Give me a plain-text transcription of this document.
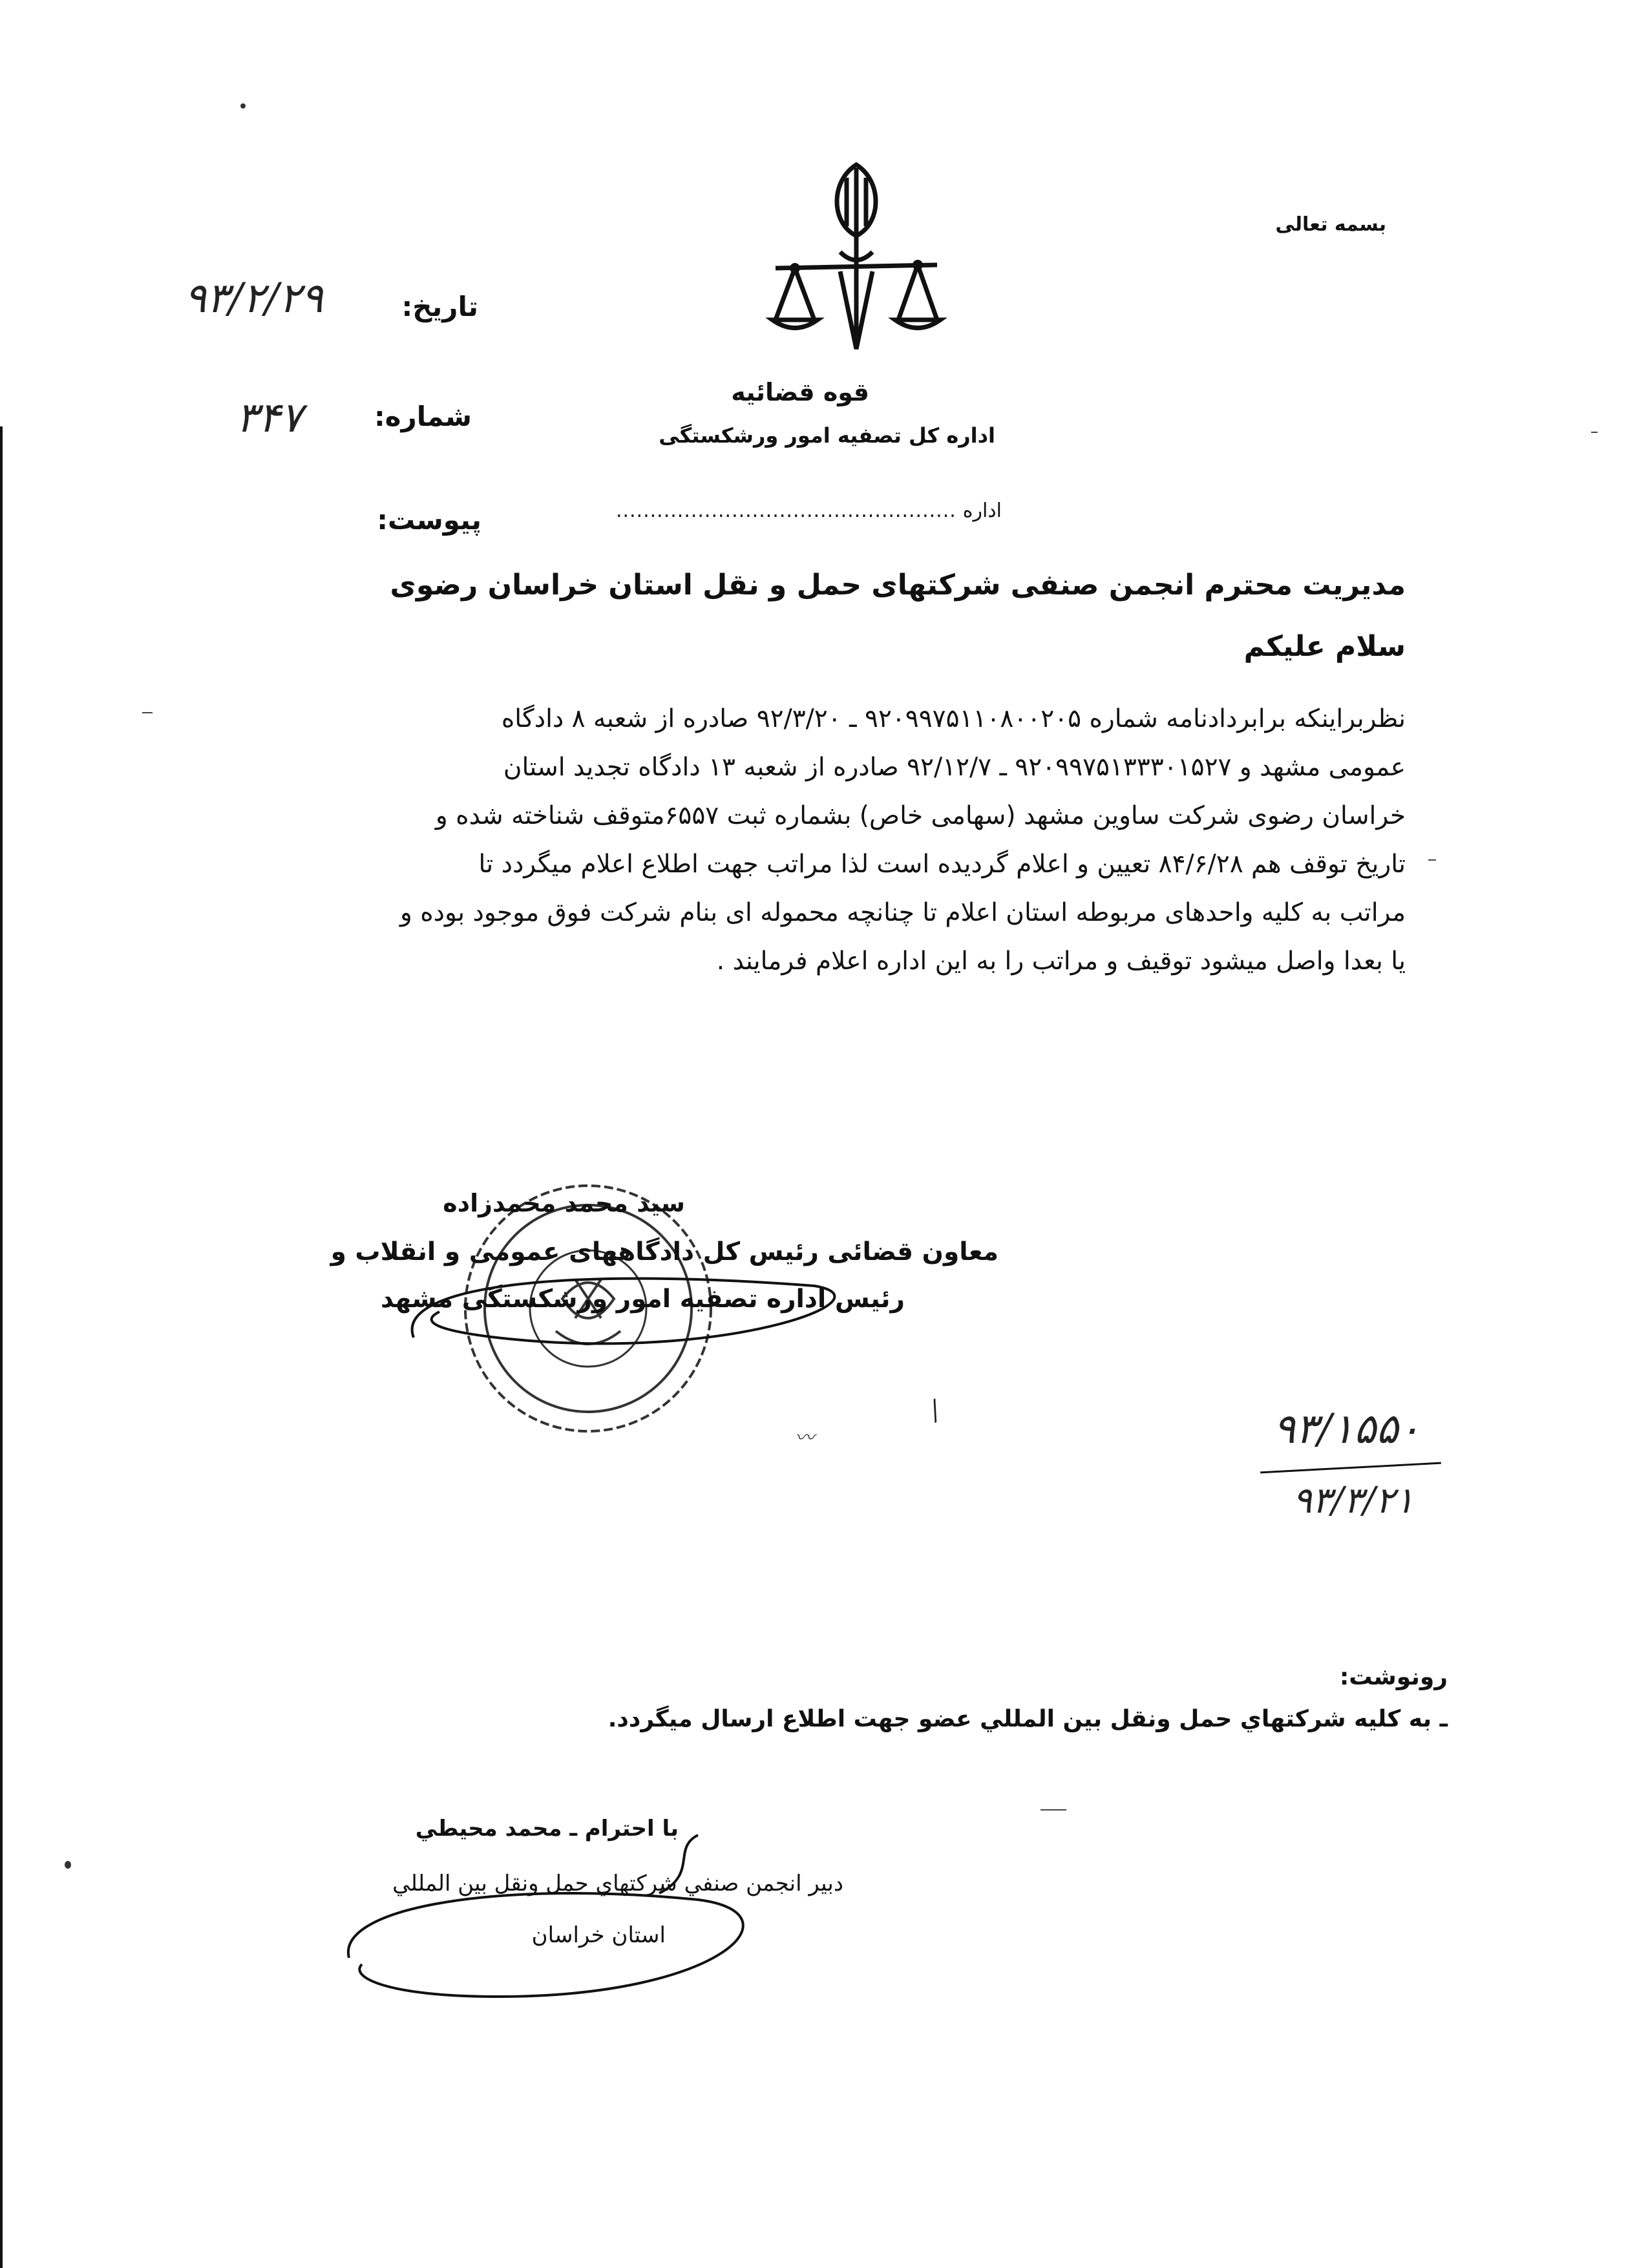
بسمه تعالی
قوه قضائیه
اداره کل تصفیه امور ورشکستگی
اداره
..................................................
تاریخ:
۹۳/۲/۲۹
شماره:
۳۴۷
پیوست:
مدیریت محترم انجمن صنفی شرکتهای حمل و نقل استان خراسان رضوی
سلام علیکم
نظربراینکه برابردادنامه شماره ۹۲۰۹۹۷۵۱۱۰۸۰۰۲۰۵ ـ ۹۲/۳/۲۰ صادره از شعبه ۸ دادگاه
عمومی مشهد و ۹۲۰۹۹۷۵۱۳۳۳۰۱۵۲۷ ـ ۹۲/۱۲/۷ صادره از شعبه ۱۳ دادگاه تجدید استان
خراسان رضوی شرکت ساوین مشهد (سهامی خاص) بشماره ثبت ۶۵۵۷متوقف شناخته شده و
تاریخ توقف هم ۸۴/۶/۲۸ تعیین و اعلام گردیده است لذا مراتب جهت اطلاع اعلام میگردد تا
مراتب به کلیه واحدهای مربوطه استان اعلام تا چنانچه محموله ای بنام شرکت فوق موجود بوده و
یا بعدا واصل میشود توقیف و مراتب را به این اداره اعلام فرمایند .
سید محمد محمدزاده
معاون قضائی رئیس کل دادگاههای عمومی و انقلاب و
رئیس اداره تصفیه امور ورشکستگی مشهد
/
〰	۹۳/۱۵۵۰
۹۳/۳/۲۱
رونوشت:
ـ به کلیه شرکتهاي حمل ونقل بین المللي عضو جهت اطلاع ارسال میگردد.
با احترام ـ محمد محیطي
دبیر انجمن صنفي شرکتهاي حمل ونقل بین المللي
استان خراسان
